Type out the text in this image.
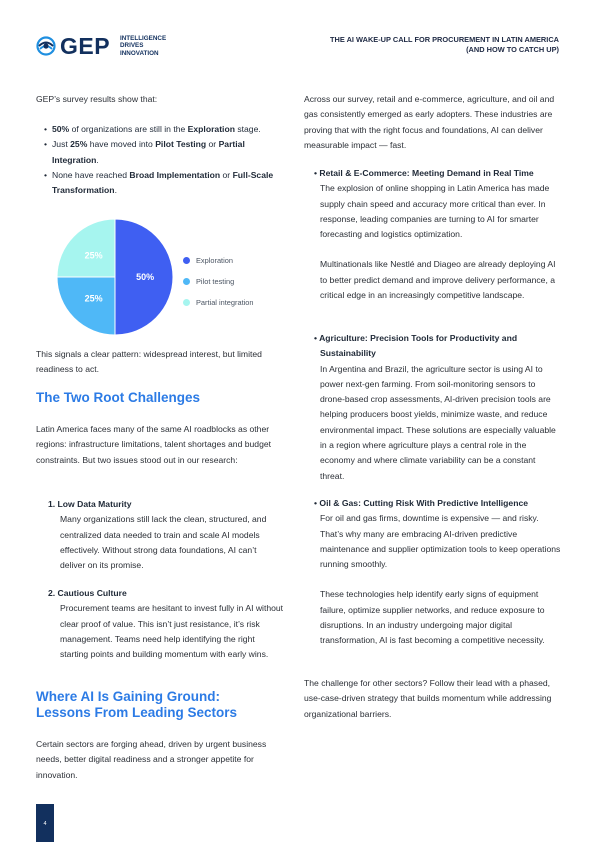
GEP INTELLIGENCE
DRIVES
INNOVATION
THE AI WAKE-UP CALL FOR PROCUREMENT IN LATIN AMERICA
(AND HOW TO CATCH UP)

GEP’s survey results show that:

• 50% of organizations are still in the Exploration stage.
• Just 25% have moved into Pilot Testing or Partial Integration.
• None have reached Broad Implementation or Full-Scale Transformation.
50%
25%
25%	Exploration
Pilot testing
Partial integration

This signals a clear pattern: widespread interest, but limited readiness to act.

The Two Root Challenges

Latin America faces many of the same AI roadblocks as other regions: infrastructure limitations, talent shortages and budget constraints. But two issues stood out in our research:

1. Low Data Maturity

Many organizations still lack the clean, structured, and centralized data needed to train and scale AI models effectively. Without strong data foundations, AI can’t deliver on its promise.

2. Cautious Culture

Procurement teams are hesitant to invest fully in AI without clear proof of value. This isn’t just resistance, it’s risk management. Teams need help identifying the right starting points and building momentum with early wins.

Where AI Is Gaining Ground:
Lessons From Leading Sectors

Certain sectors are forging ahead, driven by urgent business needs, better digital readiness and a stronger appetite for innovation.

Across our survey, retail and e-commerce, agriculture, and oil and gas consistently emerged as early adopters. These industries are proving that with the right focus and foundations, AI can deliver measurable impact — fast.

• Retail & E-Commerce: Meeting Demand in Real Time

The explosion of online shopping in Latin America has made supply chain speed and accuracy more critical than ever. In response, leading companies are turning to AI for smarter forecasting and logistics optimization.

Multinationals like Nestlé and Diageo are already deploying AI to better predict demand and improve delivery performance, a critical edge in an increasingly competitive landscape.

• Agriculture: Precision Tools for Productivity and Sustainability

In Argentina and Brazil, the agriculture sector is using AI to power next-gen farming. From soil-monitoring sensors to drone-based crop assessments, AI-driven precision tools are helping producers boost yields, minimize waste, and reduce environmental impact. These solutions are especially valuable in a region where agriculture plays a central role in the economy and where climate variability can be a constant threat.

• Oil & Gas: Cutting Risk With Predictive Intelligence

For oil and gas firms, downtime is expensive — and risky. That’s why many are embracing AI-driven predictive maintenance and supplier optimization tools to keep operations running smoothly.

These technologies help identify early signs of equipment failure, optimize supplier networks, and reduce exposure to disruptions. In an industry undergoing major digital transformation, AI is fast becoming a competitive necessity.

The challenge for other sectors? Follow their lead with a phased, use-case-driven strategy that builds momentum while addressing organizational barriers.

4
